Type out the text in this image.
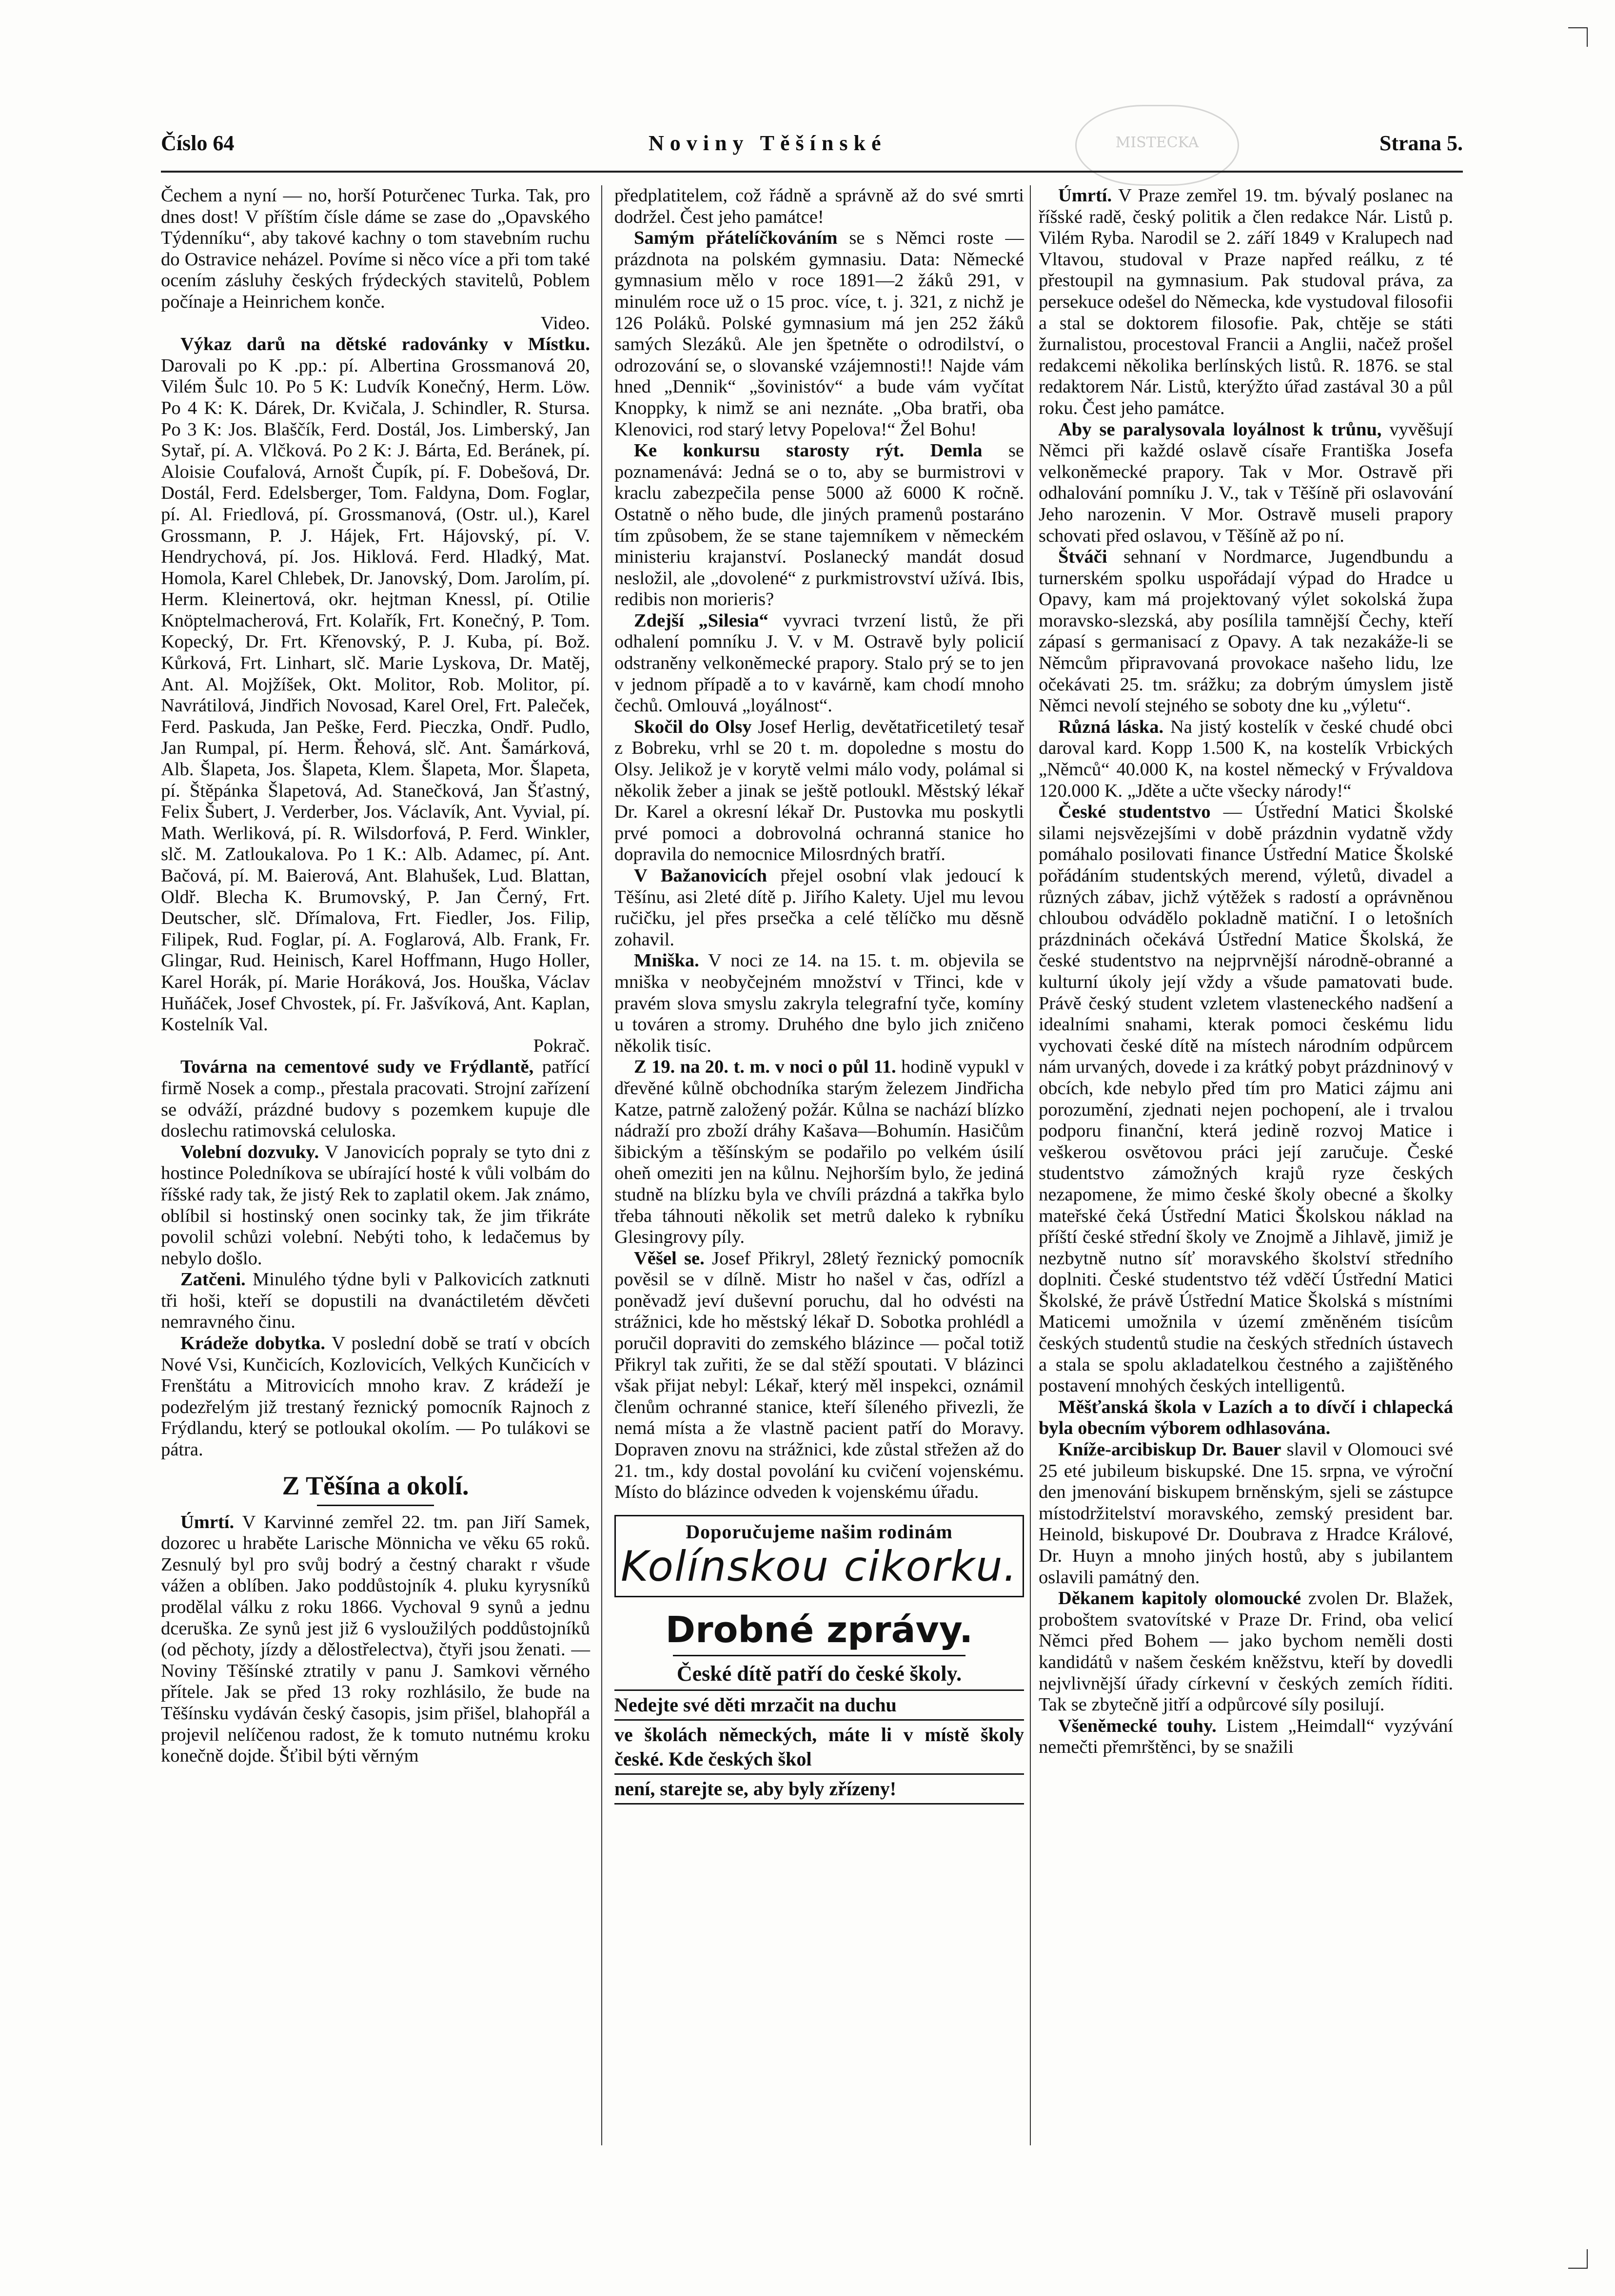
Číslo 64	Noviny Těšínské	Strana 5.
MISTECKA

Čechem a nyní — no, horší Poturčenec Turka. Tak, pro dnes dost! V příštím čísle dáme se zase do „Opavského Týdenníku“, aby takové kachny o tom stavebním ruchu do Ostravice neházel. Povíme si něco více a při tom také ocením zásluhy českých frýdeckých stavitelů, Poblem počínaje a Heinrichem konče.

Video.

Výkaz darů na dětské radovánky v Místku. Darovali po K .pp.: pí. Albertina Grossmanová 20, Vilém Šulc 10. Po 5 K: Ludvík Konečný, Herm. Löw. Po 4 K: K. Dárek, Dr. Kvičala, J. Schindler, R. Stursa. Po 3 K: Jos. Blaščík, Ferd. Dostál, Jos. Limberský, Jan Sytař, pí. A. Vlčková. Po 2 K: J. Bárta, Ed. Beránek, pí. Aloisie Coufalová, Arnošt Čupík, pí. F. Dobešová, Dr. Dostál, Ferd. Edelsberger, Tom. Faldyna, Dom. Foglar, pí. Al. Friedlová, pí. Grossmanová, (Ostr. ul.), Karel Grossmann, P. J. Hájek, Frt. Hájovský, pí. V. Hendrychová, pí. Jos. Hiklová. Ferd. Hladký, Mat. Homola, Karel Chlebek, Dr. Janovský, Dom. Jarolím, pí. Herm. Kleinertová, okr. hejtman Knessl, pí. Otilie Knöptelmacherová, Frt. Kolařík, Frt. Konečný, P. Tom. Kopecký, Dr. Frt. Křenovský, P. J. Kuba, pí. Bož. Kůrková, Frt. Linhart, slč. Marie Lyskova, Dr. Matěj, Ant. Al. Mojžíšek, Okt. Molitor, Rob. Molitor, pí. Navrátilová, Jindřich Novosad, Karel Orel, Frt. Paleček, Ferd. Paskuda, Jan Peške, Ferd. Pieczka, Ondř. Pudlo, Jan Rumpal, pí. Herm. Řehová, slč. Ant. Šamárková, Alb. Šlapeta, Jos. Šlapeta, Klem. Šlapeta, Mor. Šlapeta, pí. Štěpánka Šlapetová, Ad. Stanečková, Jan Šťastný, Felix Šubert, J. Verderber, Jos. Václavík, Ant. Vyvial, pí. Math. Werliková, pí. R. Wilsdorfová, P. Ferd. Winkler, slč. M. Zatloukalova. Po 1 K.: Alb. Adamec, pí. Ant. Bačová, pí. M. Baierová, Ant. Blahušek, Lud. Blattan, Oldř. Blecha K. Brumovský, P. Jan Černý, Frt. Deutscher, slč. Dřímalova, Frt. Fiedler, Jos. Filip, Filipek, Rud. Foglar, pí. A. Foglarová, Alb. Frank, Fr. Glingar, Rud. Heinisch, Karel Hoffmann, Hugo Holler, Karel Horák, pí. Marie Horáková, Jos. Houška, Václav Huňáček, Josef Chvostek, pí. Fr. Jašvíková, Ant. Kaplan, Kostelník Val.

Pokrač.

Továrna na cementové sudy ve Frýdlantě, patřící firmě Nosek a comp., přestala pracovati. Strojní zařízení se odváží, prázdné budovy s pozemkem kupuje dle doslechu ratimovská celuloska.

Volební dozvuky. V Janovicích popraly se tyto dni z hostince Poledníkova se ubírající hosté k vůli volbám do říšské rady tak, že jistý Rek to zaplatil okem. Jak známo, oblíbil si hostinský onen socinky tak, že jim třikráte povolil schůzi volební. Nebýti toho, k ledačemus by nebylo došlo.

Zatčeni. Minulého týdne byli v Palkovicích zatknuti tři hoši, kteří se dopustili na dvanáctiletém děvčeti nemravného činu.

Krádeže dobytka. V poslední době se tratí v obcích Nové Vsi, Kunčicích, Kozlovicích, Velkých Kunčicích v Frenštátu a Mitrovicích mnoho krav. Z krádeží je podezřelým již trestaný řeznický pomocník Rajnoch z Frýdlandu, který se potloukal okolím. — Po tulákovi se pátra.

Z Těšína a okolí.

Úmrtí. V Karvinné zemřel 22. tm. pan Jiří Samek, dozorec u hraběte Larische Mönnicha ve věku 65 roků. Zesnulý byl pro svůj bodrý a čestný charakt r všude vážen a oblíben. Jako poddůstojník 4. pluku kyrysníků prodělal válku z roku 1866. Vychoval 9 synů a jednu dceruška. Ze synů jest již 6 vysloužilých poddůstojníků (od pěchoty, jízdy a dělostřelectva), čtyři jsou ženati. — Noviny Těšínské ztratily v panu J. Samkovi věrného přítele. Jak se před 13 roky rozhlásilo, že bude na Těšínsku vydáván český časopis, jsim přišel, blahopřál a projevil nelíčenou radost, že k tomuto nutnému kroku konečně dojde. Šťibil býti věrným

předplatitelem, což řádně a správně až do své smrti dodržel. Čest jeho památce!

Samým přátelíčkováním se s Němci roste — prázdnota na polském gymnasiu. Data: Německé gymnasium mělo v roce 1891—2 žáků 291, v minulém roce už o 15 proc. více, t. j. 321, z nichž je 126 Poláků. Polské gymnasium má jen 252 žáků samých Slezáků. Ale jen špetněte o odrodilství, o odrozování se, o slovanské vzájemnosti!! Najde vám hned „Dennik“ „šovinistóv“ a bude vám vyčítat Knoppky, k nimž se ani neznáte. „Oba bratři, oba Klenovici, rod starý letvy Popelova!“ Žel Bohu!

Ke konkursu starosty rýt. Demla se poznamenává: Jedná se o to, aby se burmistrovi v kraclu zabezpečila pense 5000 až 6000 K ročně. Ostatně o něho bude, dle jiných pramenů postaráno tím způsobem, že se stane tajemníkem v německém ministeriu krajanství. Poslanecký mandát dosud nesložil, ale „dovolené“ z purkmistrovství užívá. Ibis, redibis non morieris?

Zdejší „Silesia“ vyvraci tvrzení listů, že při odhalení pomníku J. V. v M. Ostravě byly policií odstraněny velkoněmecké prapory. Stalo prý se to jen v jednom případě a to v kavárně, kam chodí mnoho čechů. Omlouvá „loyálnost“.

Skočil do Olsy Josef Herlig, devětatřicetiletý tesař z Bobreku, vrhl se 20 t. m. dopoledne s mostu do Olsy. Jelikož je v korytě velmi málo vody, polámal si několik žeber a jinak se ještě potloukl. Městský lékař Dr. Karel a okresní lékař Dr. Pustovka mu poskytli prvé pomoci a dobrovolná ochranná stanice ho dopravila do nemocnice Milosrdných bratří.

V Bažanovicích přejel osobní vlak jedoucí k Těšínu, asi 2leté dítě p. Jiřího Kalety. Ujel mu levou ručičku, jel přes prsečka a celé tělíčko mu děsně zohavil.

Mniška. V noci ze 14. na 15. t. m. objevila se mniška v neobyčejném množství v Třinci, kde v pravém slova smyslu zakryla telegrafní tyče, komíny u továren a stromy. Druhého dne bylo jich zničeno několik tisíc.

Z 19. na 20. t. m. v noci o půl 11. hodině vypukl v dřevěné kůlně obchodníka starým železem Jindřicha Katze, patrně založený požár. Kůlna se nachází blízko nádraží pro zboží dráhy Kašava—Bohumín. Hasičům šibickým a těšínským se podařilo po velkém úsilí oheň omeziti jen na kůlnu. Nejhorším bylo, že jediná studně na blízku byla ve chvíli prázdná a takřka bylo třeba táhnouti několik set metrů daleko k rybníku Glesingrovy píly.

Věšel se. Josef Přikryl, 28letý řeznický pomocník pověsil se v dílně. Mistr ho našel v čas, odřízl a poněvadž jeví duševní poruchu, dal ho odvésti na strážnici, kde ho městský lékař D. Sobotka prohlédl a poručil dopraviti do zemského blázince — počal totiž Přikryl tak zuřiti, že se dal stěží spoutati. V blázinci však přijat nebyl: Lékař, který měl inspekci, oznámil členům ochranné stanice, kteří šíleného přivezli, že nemá místa a že vlastně pacient patří do Moravy. Dopraven znovu na strážnici, kde zůstal střežen až do 21. tm., kdy dostal povolání ku cvičení vojenskému. Místo do blázince odveden k vojenskému úřadu.

Doporučujeme našim rodinám
Kolínskou cikorku.
Drobné zprávy.
České dítě patří do české školy.

Nedejte své děti mrzačit na duchu

ve školách německých, máte li v místě školy české. Kde českých škol

není, starejte se, aby byly zřízeny!

Úmrtí. V Praze zemřel 19. tm. bývalý poslanec na říšské radě, český politik a člen redakce Nár. Listů p. Vilém Ryba. Narodil se 2. září 1849 v Kralupech nad Vltavou, studoval v Praze napřed reálku, z té přestoupil na gymnasium. Pak studoval práva, za persekuce odešel do Německa, kde vystudoval filosofii a stal se doktorem filosofie. Pak, chtěje se státi žurnalistou, procestoval Francii a Anglii, načež prošel redakcemi několika berlínských listů. R. 1876. se stal redaktorem Nár. Listů, kterýžto úřad zastával 30 a půl roku. Čest jeho památce.

Aby se paralysovala loyálnost k trůnu, vyvěšují Němci při každé oslavě císaře Františka Josefa velkoněmecké prapory. Tak v Mor. Ostravě při odhalování pomníku J. V., tak v Těšíně při oslavování Jeho narozenin. V Mor. Ostravě museli prapory schovati před oslavou, v Těšíně až po ní.

Štváči sehnaní v Nordmarce, Jugendbundu a turnerském spolku uspořádají výpad do Hradce u Opavy, kam má projektovaný výlet sokolská župa moravsko-slezská, aby posílila tamnější Čechy, kteří zápasí s germanisací z Opavy. A tak nezakáže-li se Němcům připravovaná provokace našeho lidu, lze očekávati 25. tm. srážku; za dobrým úmyslem jistě Němci nevolí stejného se soboty dne ku „výletu“.

Různá láska. Na jistý kostelík v české chudé obci daroval kard. Kopp 1.500 K, na kostelík Vrbických „Němců“ 40.000 K, na kostel německý v Frývaldova 120.000 K. „Jděte a učte všecky národy!“

České studentstvo — Ústřední Matici Školské silami nejsvězejšími v době prázdnin vydatně vždy pomáhalo posilovati finance Ústřední Matice Školské pořádáním studentských merend, výletů, divadel a různých zábav, jichž výtěžek s radostí a oprávněnou chloubou odvádělo pokladně matiční. I o letošních prázdninách očekává Ústřední Matice Školská, že české studentstvo na nejprvnější národně-obranné a kulturní úkoly její vždy a všude pamatovati bude. Právě český student vzletem vlasteneckého nadšení a idealními snahami, kterak pomoci českému lidu vychovati české dítě na místech národním odpůrcem nám urvaných, dovede i za krátký pobyt prázdninový v obcích, kde nebylo před tím pro Matici zájmu ani porozumění, zjednati nejen pochopení, ale i trvalou podporu finanční, která jedině rozvoj Matice i veškerou osvětovou práci její zaručuje. České studentstvo zámožných krajů ryze českých nezapomene, že mimo české školy obecné a školky mateřské čeká Ústřední Matici Školskou náklad na příští české střední školy ve Znojmě a Jihlavě, jimiž je nezbytně nutno síť moravského školství středního doplniti. České studentstvo též vděčí Ústřední Matici Školské, že právě Ústřední Matice Školská s místními Maticemi umožnila v území změněném tisícům českých studentů studie na českých středních ústavech a stala se spolu akladatelkou čestného a zajištěného postavení mnohých českých intelligentů.

Měšťanská škola v Lazích a to dívčí i chlapecká byla obecním výborem odhlasována.

Kníže-arcibiskup Dr. Bauer slavil v Olomouci své 25 eté jubileum biskupské. Dne 15. srpna, ve výroční den jmenování biskupem brněnským, sjeli se zástupce místodržitelství moravského, zemský president bar. Heinold, biskupové Dr. Doubrava z Hradce Králové, Dr. Huyn a mnoho jiných hostů, aby s jubilantem oslavili památný den.

Děkanem kapitoly olomoucké zvolen Dr. Blažek, proboštem svatovítské v Praze Dr. Frind, oba velicí Němci před Bohem — jako bychom neměli dosti kandidátů v našem českém kněžstvu, kteří by dovedli nejvlivnější úřady církevní v českých zemích říditi. Tak se zbytečně jitří a odpůrcové síly posilují.

Všeněmecké touhy. Listem „Heimdall“ vyzývání nemečti přemrštěnci, by se snažili
